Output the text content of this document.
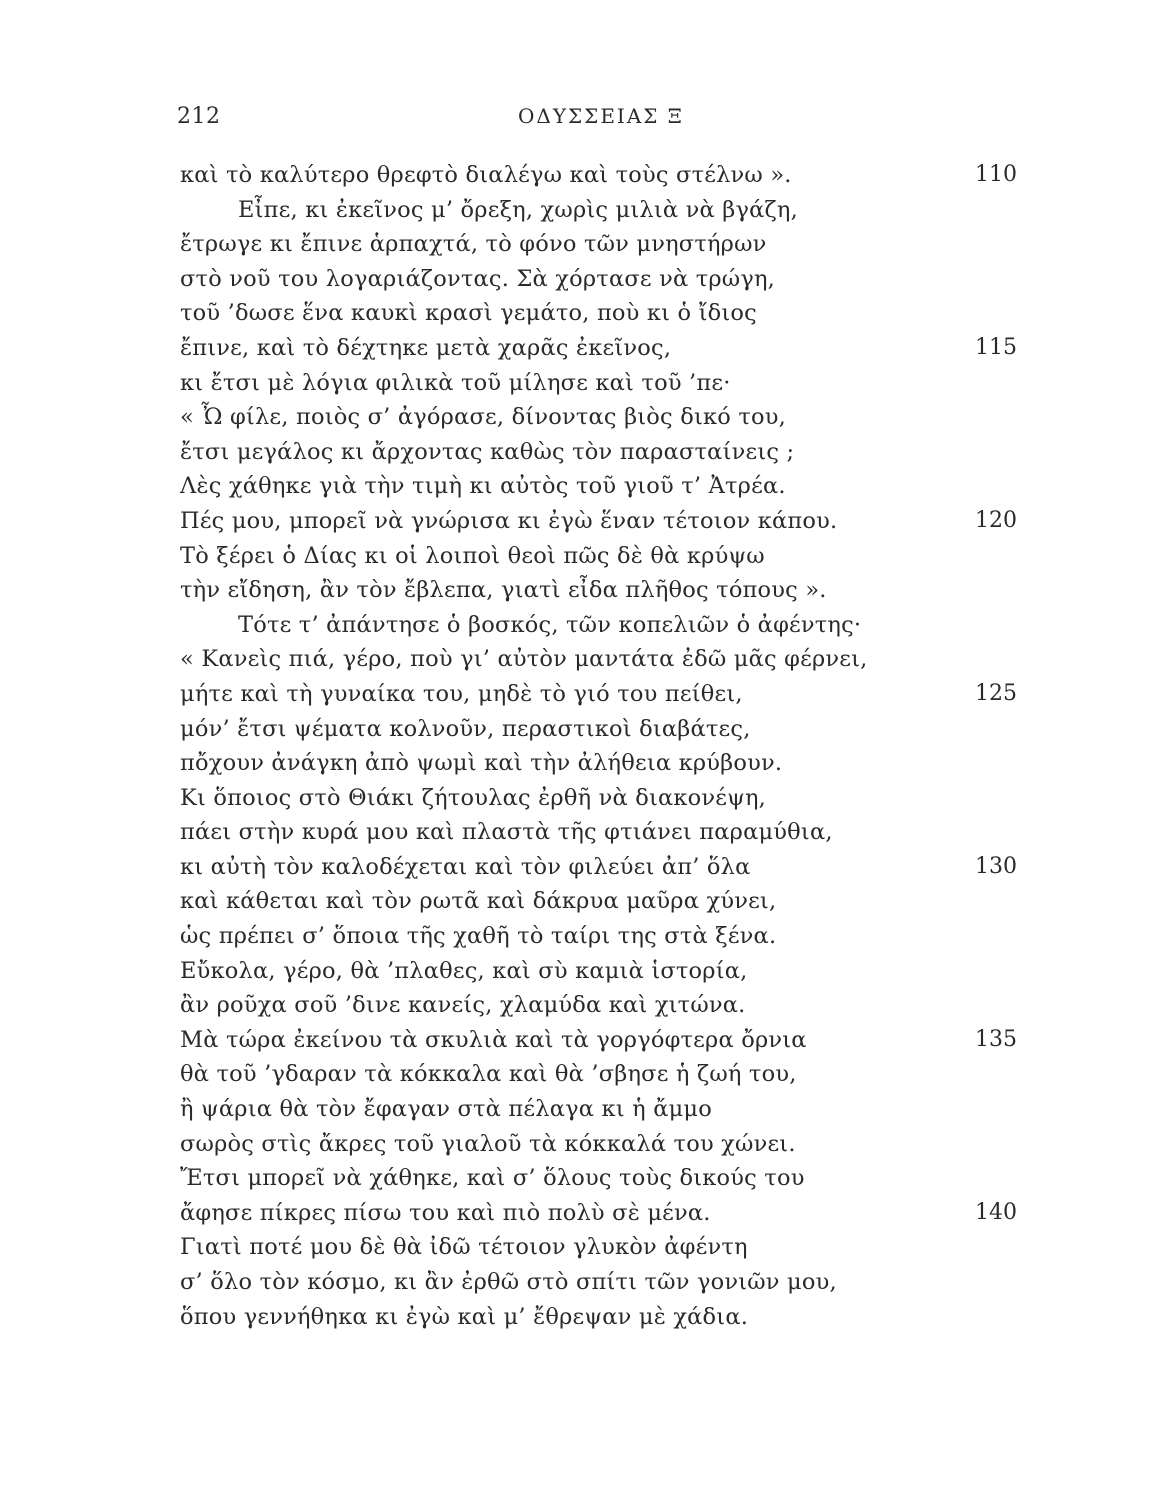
212	ΟΔΥΣΣΕΙΑΣ Ξ
καὶ τὸ καλύτερο θρεφτὸ διαλέγω καὶ τοὺς στέλνω ».	110
Εἶπε, κι ἐκεῖνος μ’ ὄρεξη, χωρὶς μιλιὰ νὰ βγάζη,
ἔτρωγε κι ἔπινε ἁρπαχτά, τὸ φόνο τῶν μνηστήρων
στὸ νοῦ του λογαριάζοντας. Σὰ χόρτασε νὰ τρώγη,
τοῦ ’δωσε ἕνα καυκὶ κρασὶ γεμάτο, ποὺ κι ὁ ἴδιος
ἔπινε, καὶ τὸ δέχτηκε μετὰ χαρᾶς ἐκεῖνος,	115
κι ἔτσι μὲ λόγια φιλικὰ τοῦ μίλησε καὶ τοῦ ’πε·
« Ὦ φίλε, ποιὸς σ’ ἀγόρασε, δίνοντας βιὸς δικό του,
ἔτσι μεγάλος κι ἄρχοντας καθὼς τὸν παρασταίνεις ;
Λὲς χάθηκε γιὰ τὴν τιμὴ κι αὐτὸς τοῦ γιοῦ τ’ Ἀτρέα.
Πές μου, μπορεῖ νὰ γνώρισα κι ἐγὼ ἕναν τέτοιον κάπου.	120
Τὸ ξέρει ὁ Δίας κι οἱ λοιποὶ θεοὶ πῶς δὲ θὰ κρύψω
τὴν εἴδηση, ἂν τὸν ἔβλεπα, γιατὶ εἶδα πλῆθος τόπους ».
Τότε τ’ ἀπάντησε ὁ βοσκός, τῶν κοπελιῶν ὁ ἀφέντης·
« Κανεὶς πιά, γέρο, ποὺ γι’ αὐτὸν μαντάτα ἐδῶ μᾶς φέρνει,
μήτε καὶ τὴ γυναίκα του, μηδὲ τὸ γιό του πείθει,	125
μόν’ ἔτσι ψέματα κολνοῦν, περαστικοὶ διαβάτες,
πὄχουν ἀνάγκη ἀπὸ ψωμὶ καὶ τὴν ἀλήθεια κρύβουν.
Κι ὅποιος στὸ Θιάκι ζήτουλας ἐρθῆ νὰ διακονέψη,
πάει στὴν κυρά μου καὶ πλαστὰ τῆς φτιάνει παραμύθια,
κι αὐτὴ τὸν καλοδέχεται καὶ τὸν φιλεύει ἀπ’ ὅλα	130
καὶ κάθεται καὶ τὸν ρωτᾶ καὶ δάκρυα μαῦρα χύνει,
ὡς πρέπει σ’ ὅποια τῆς χαθῆ τὸ ταίρι της στὰ ξένα.
Εὔκολα, γέρο, θὰ ’πλαθες, καὶ σὺ καμιὰ ἱστορία,
ἂν ροῦχα σοῦ ’δινε κανείς, χλαμύδα καὶ χιτώνα.
Μὰ τώρα ἐκείνου τὰ σκυλιὰ καὶ τὰ γοργόφτερα ὄρνια	135
θὰ τοῦ ’γδαραν τὰ κόκκαλα καὶ θὰ ’σβησε ἡ ζωή του,
ἢ ψάρια θὰ τὸν ἔφαγαν στὰ πέλαγα κι ἡ ἄμμο
σωρὸς στὶς ἄκρες τοῦ γιαλοῦ τὰ κόκκαλά του χώνει.
Ἔτσι μπορεῖ νὰ χάθηκε, καὶ σ’ ὅλους τοὺς δικούς του
ἄφησε πίκρες πίσω του καὶ πιὸ πολὺ σὲ μένα.	140
Γιατὶ ποτέ μου δὲ θὰ ἰδῶ τέτοιον γλυκὸν ἀφέντη
σ’ ὅλο τὸν κόσμο, κι ἂν ἐρθῶ στὸ σπίτι τῶν γονιῶν μου,
ὅπου γεννήθηκα κι ἐγὼ καὶ μ’ ἔθρεψαν μὲ χάδια.
